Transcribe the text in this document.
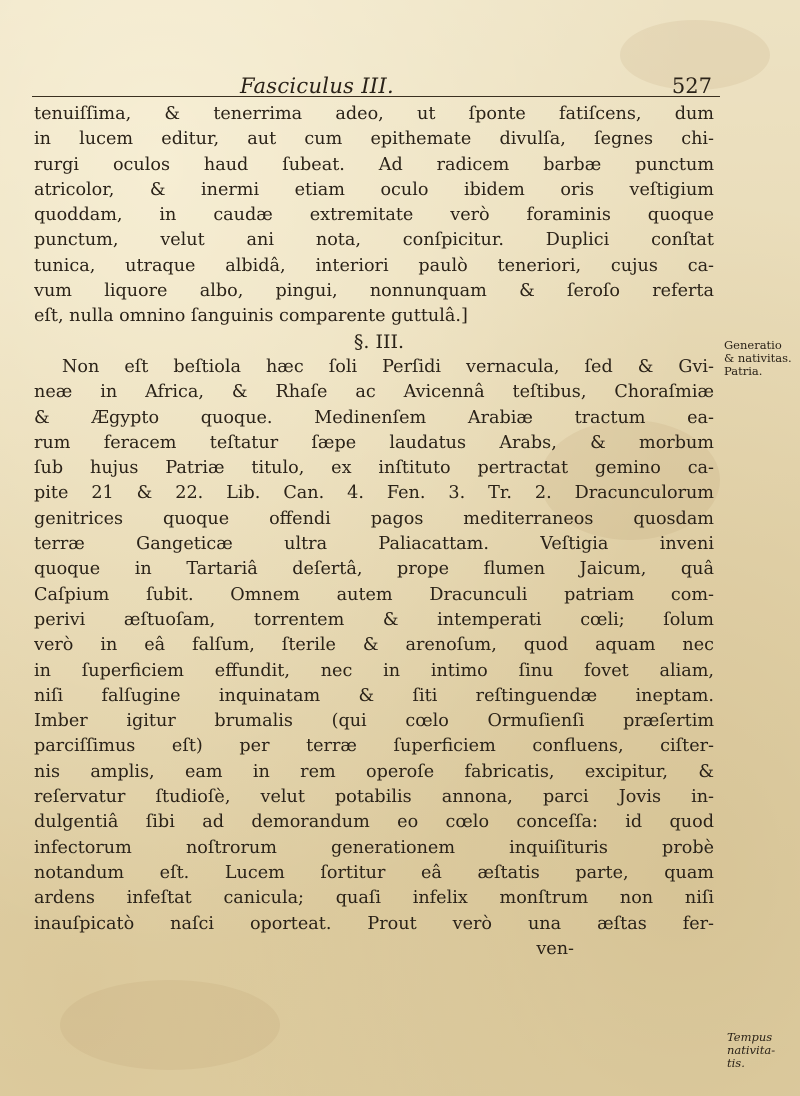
Fasciculus III.	527
tenuiſſima, & tenerrima adeo, ut ſponte fatiſcens, dum
in lucem editur, aut cum epithemate divulſa, ſegnes chi-
rurgi oculos haud ſubeat. Ad radicem barbæ punctum
atricolor, & inermi etiam oculo ibidem oris veſtigium
quoddam, in caudæ extremitate verò foraminis quoque
punctum, velut ani nota, conſpicitur. Duplici conſtat
tunica, utraque albidâ, interiori paulò teneriori, cujus ca-
vum liquore albo, pingui, nonnunquam & ſeroſo referta
eſt, nulla omnino ſanguinis comparente guttulâ.]
§. III.
Non eſt beſtiola hæc ſoli Perſidi vernacula, ſed & Gvi-
neæ in Africa, & Rhaſe ac Avicennâ teſtibus, Choraſmiæ
& Ægypto quoque. Medinenſem Arabiæ tractum ea-
rum feracem teſtatur ſæpe laudatus Arabs, & morbum
ſub hujus Patriæ titulo, ex inſtituto pertractat gemino ca-
pite 21 & 22. Lib. Can. 4. Fen. 3. Tr. 2. Dracunculorum
genitrices quoque offendi pagos mediterraneos quosdam
terræ Gangeticæ ultra Paliacattam. Veſtigia inveni
quoque in Tartariâ deſertâ, prope flumen Jaicum, quâ
Caſpium ſubit. Omnem autem Dracunculi patriam com-
perivi æſtuoſam, torrentem & intemperati cœli; ſolum
verò in eâ falſum, ſterile & arenoſum, quod aquam nec
in ſuperficiem effundit, nec in intimo ſinu fovet aliam,
niſi falſugine inquinatam & ſiti reſtinguendæ ineptam.
Imber igitur brumalis (qui cœlo Ormuſienſi præſertim
parciſſimus eſt) per terræ ſuperficiem confluens, ciſter-
nis amplis, eam in rem operoſe fabricatis, excipitur, &
reſervatur ſtudioſè, velut potabilis annona, parci Jovis in-
dulgentiâ ſibi ad demorandum eo cœlo conceſſa: id quod
infectorum noſtrorum generationem inquiſituris probè
notandum eſt. Lucem ſortitur eâ æſtatis parte, quam
ardens infeſtat canicula; quaſi infelix monſtrum non niſi
inauſpicatò naſci oporteat. Prout verò una æſtas fer-
ven-
Generatio
& nativitas.
Patria.
Tempus
nativita-
tis.
